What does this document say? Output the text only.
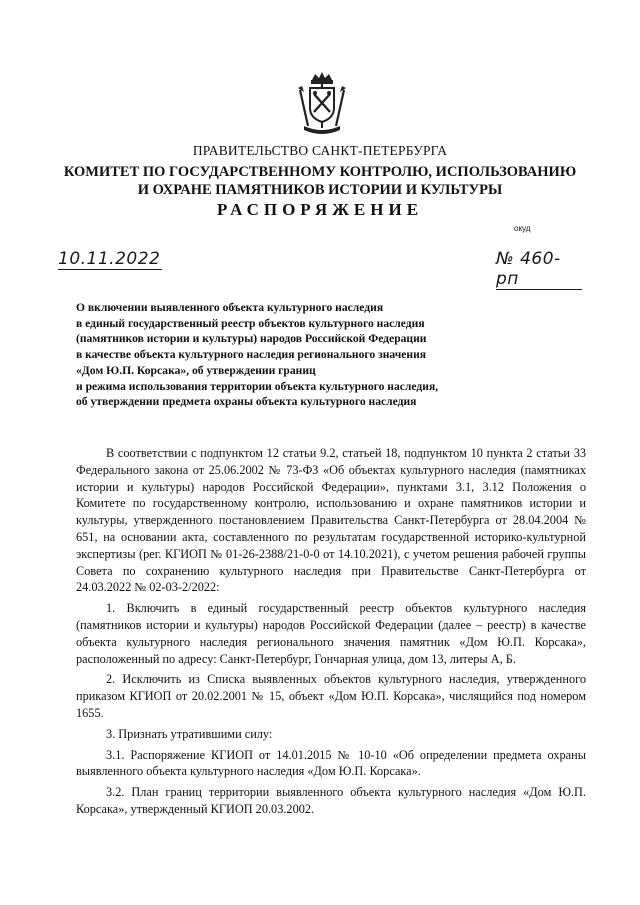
ПРАВИТЕЛЬСТВО САНКТ-ПЕТЕРБУРГА
КОМИТЕТ ПО ГОСУДАРСТВЕННОМУ КОНТРОЛЮ, ИСПОЛЬЗОВАНИЮ
И ОХРАНЕ ПАМЯТНИКОВ ИСТОРИИ И КУЛЬТУРЫ
РАСПОРЯЖЕНИЕ
окуд
10.11.2022	№ 460-рп
О включении выявленного объекта культурного наследия
в единый государственный реестр объектов культурного наследия
(памятников истории и культуры) народов Российской Федерации
в качестве объекта культурного наследия регионального значения
«Дом Ю.П. Корсака», об утверждении границ
и режима использования территории объекта культурного наследия,
об утверждении предмета охраны объекта культурного наследия

В соответствии с подпунктом 12 статьи 9.2, статьей 18, подпунктом 10 пункта 2 статьи 33 Федерального закона от 25.06.2002 № 73-ФЗ «Об объектах культурного наследия (памятниках истории и культуры) народов Российской Федерации», пунктами 3.1, 3.12 Положения о Комитете по государственному контролю, использованию и охране памятников истории и культуры, утвержденного постановлением Правительства Санкт-Петербурга от 28.04.2004 № 651, на основании акта, составленного по результатам государственной историко-культурной экспертизы (рег. КГИОП № 01-26-2388/21-0-0 от 14.10.2021), с учетом решения рабочей группы Совета по сохранению культурного наследия при Правительстве Санкт-Петербурга от 24.03.2022 № 02-03-2/2022:

1. Включить в единый государственный реестр объектов культурного наследия (памятников истории и культуры) народов Российской Федерации (далее – реестр) в качестве объекта культурного наследия регионального значения памятник «Дом Ю.П. Корсака», расположенный по адресу: Санкт-Петербург, Гончарная улица, дом 13, литеры А, Б.

2. Исключить из Списка выявленных объектов культурного наследия, утвержденного приказом КГИОП от 20.02.2001 № 15, объект «Дом Ю.П. Корсака», числящийся под номером 1655.

3. Признать утратившими силу:

3.1. Распоряжение КГИОП от 14.01.2015 № 10-10 «Об определении предмета охраны выявленного объекта культурного наследия «Дом Ю.П. Корсака».

3.2. План границ территории выявленного объекта культурного наследия «Дом Ю.П. Корсака», утвержденный КГИОП 20.03.2002.
